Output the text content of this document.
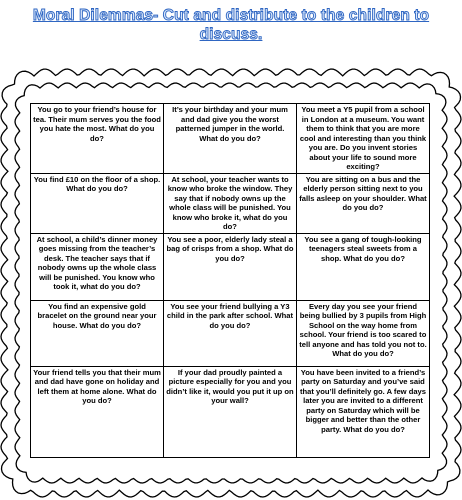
Moral Dilemmas- Cut and distribute to the children to
discuss.
You go to your friend’s house for tea. Their mum serves you the food you hate the most. What do you do?	It’s your birthday and your mum and dad give you the worst patterned jumper in the world. What do you do?	You meet a Y5 pupil from a school in London at a museum. You want them to think that you are more cool and interesting than you think you are. Do you invent stories about your life to sound more exciting?
You find £10 on the floor of a shop. What do you do?	At school, your teacher wants to know who broke the window. They say that if nobody owns up the whole class will be punished. You know who broke it, what do you do?	You are sitting on a bus and the elderly person sitting next to you falls asleep on your shoulder. What do you do?
At school, a child’s dinner money goes missing from the teacher’s desk. The teacher says that if nobody owns up the whole class will be punished. You know who took it, what do you do?	You see a poor, elderly lady steal a bag of crisps from a shop. What do you do?	You see a gang of tough-looking teenagers steal sweets from a shop. What do you do?
You find an expensive gold bracelet on the ground near your house. What do you do?	You see your friend bullying a Y3 child in the park after school. What do you do?	Every day you see your friend being bullied by 3 pupils from High School on the way home from school. Your friend is too scared to tell anyone and has told you not to. What do you do?
Your friend tells you that their mum and dad have gone on holiday and left them at home alone. What do you do?	If your dad proudly painted a picture especially for you and you didn’t like it, would you put it up on your wall?	You have been invited to a friend’s party on Saturday and you’ve said that you’ll definitely go. A few days later you are invited to a different party on Saturday which will be bigger and better than the other party. What do you do?
